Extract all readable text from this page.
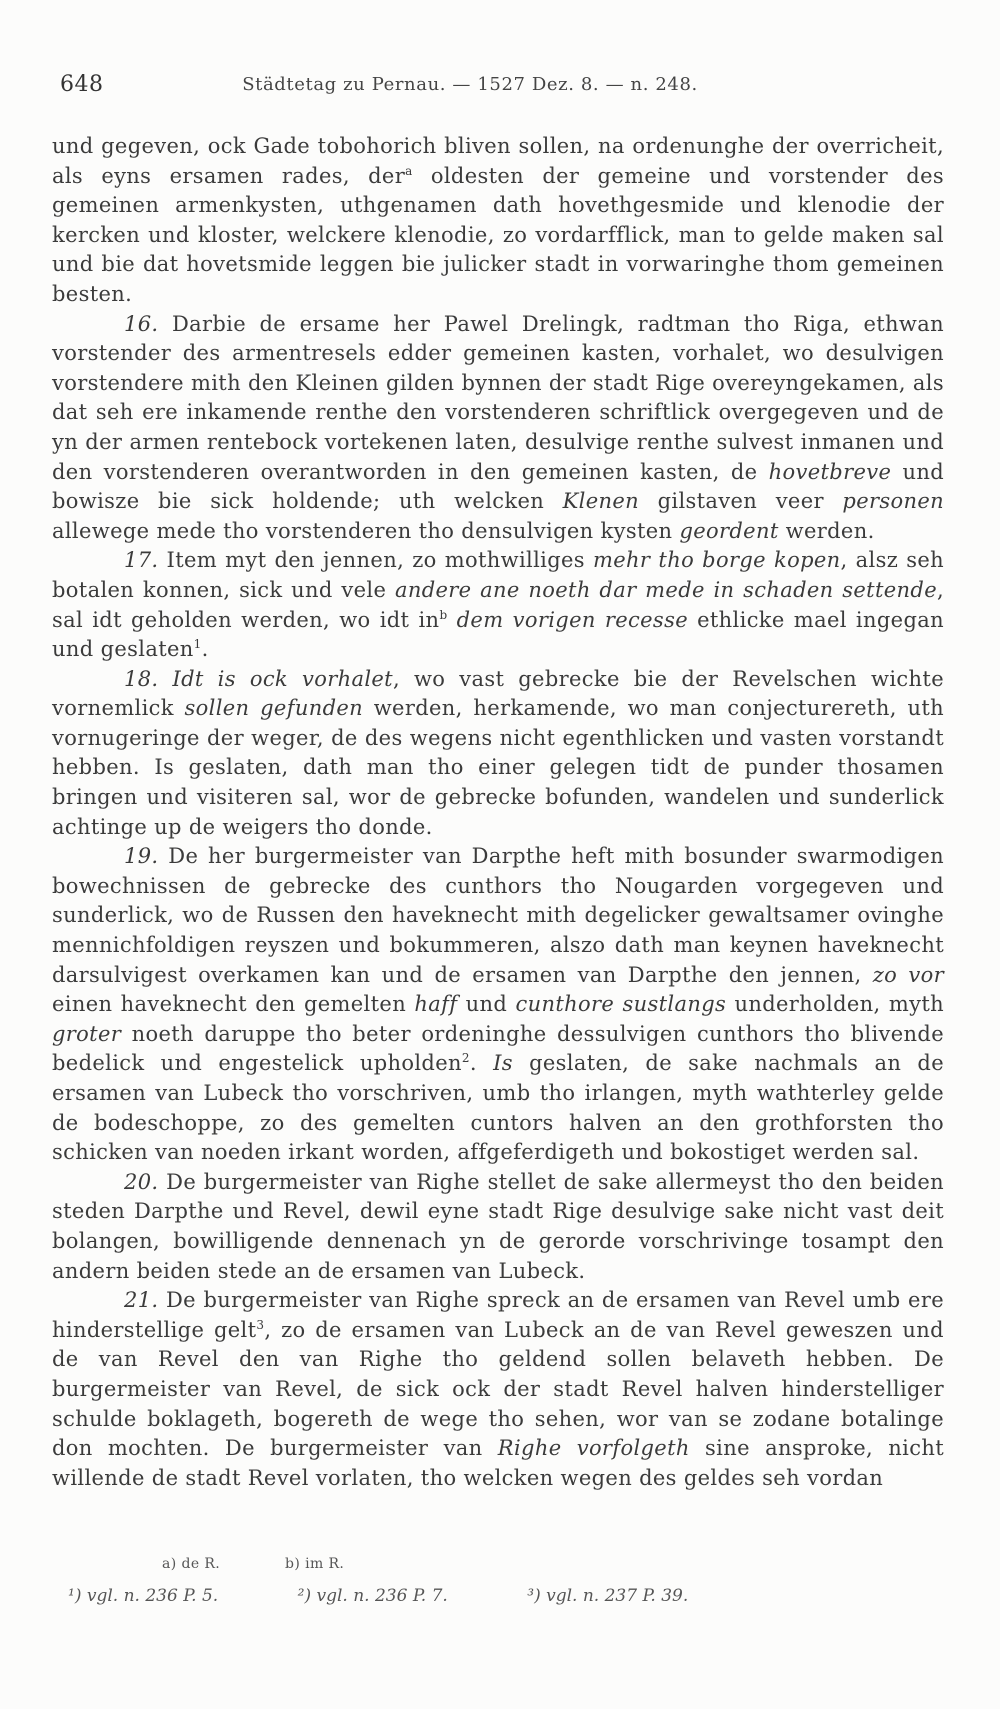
648	Städtetag zu Pernau. — 1527 Dez. 8. — n. 248.

und gegeven, ock Gade tobohorich bliven sollen, na ordenunghe der overricheit, als eyns ersamen rades, der$^a$ oldesten der gemeine und vorstender des gemeinen armenkysten, uthgenamen dath hovethgesmide und klenodie der kercken und kloster, welckere klenodie, zo vordarfflick, man to gelde maken sal und bie dat hovetsmide leggen bie julicker stadt in vorwaringhe thom gemeinen besten.

16. Darbie de ersame her Pawel Drelingk, radtman tho Riga, ethwan vorstender des armentresels edder gemeinen kasten, vorhalet, wo desulvigen vorstendere mith den Kleinen gilden bynnen der stadt Rige overeyngekamen, als dat seh ere inkamende renthe den vorstenderen schriftlick overgegeven und de yn der armen rentebock vortekenen laten, desulvige renthe sulvest inmanen und den vorstenderen overantworden in den gemeinen kasten, de hovetbreve und bowisze bie sick holdende; uth welcken Klenen gilstaven veer personen allewege mede tho vorstenderen tho densulvigen kysten geordent werden.

17. Item myt den jennen, zo mothwilliges mehr tho borge kopen, alsz seh botalen konnen, sick und vele andere ane noeth dar mede in schaden settende, sal idt geholden werden, wo idt $in^b$ dem vorigen recesse ethlicke mael ingegan und geslaten$^1$.

18. Idt is ock vorhalet, wo vast gebrecke bie der Revelschen wichte vornemlick sollen gefunden werden, herkamende, wo man conjecturereth, uth vornugeringe der weger, de des wegens nicht egenthlicken und vasten vorstandt hebben. Is geslaten, dath man tho einer gelegen tidt de punder thosamen bringen und visiteren sal, wor de gebrecke bofunden, wandelen und sunderlick achtinge up de weigers tho donde.

19. De her burgermeister van Darpthe heft mith bosunder swarmodigen bowechnissen de gebrecke des cunthors tho Nougarden vorgegeven und sunderlick, wo de Russen den haveknecht mith degelicker gewaltsamer ovinghe mennichfoldigen reyszen und bokummeren, alszo dath man keynen haveknecht darsulvigest overkamen kan und de ersamen van Darpthe den jennen, zo vor einen haveknecht den gemelten haff und cunthore sustlangs underholden, myth groter noeth daruppe tho beter ordeninghe dessulvigen cunthors tho blivende bedelick und engestelick upholden$^2$. Is geslaten, de sake nachmals an de ersamen van Lubeck tho vorschriven, umb tho irlangen, myth wathterley gelde de bodeschoppe, zo des gemelten cuntors halven an den grothforsten tho schicken van noeden irkant worden, affgeferdigeth und bokostiget werden sal.

20. De burgermeister van Righe stellet de sake allermeyst tho den beiden steden Darpthe und Revel, dewil eyne stadt Rige desulvige sake nicht vast deit bolangen, bowilligende dennenach yn de gerorde vorschrivinge tosampt den andern beiden stede an de ersamen van Lubeck.

21. De burgermeister van Righe spreck an de ersamen van Revel umb ere hinderstellige gelt$^3$, zo de ersamen van Lubeck an de van Revel geweszen und de van Revel den van Righe tho geldend sollen belaveth hebben. De burgermeister van Revel, de sick ock der stadt Revel halven hinderstelliger schulde boklageth, bogereth de wege tho sehen, wor van se zodane botalinge don mochten. De burgermeister van Righe vorfolgeth sine ansproke, nicht willende de stadt Revel vorlaten, tho welcken wegen des geldes seh vordan

a) de R.	b) im R.
¹) vgl. n. 236 P. 5.	²) vgl. n. 236 P. 7.	³) vgl. n. 237 P. 39.
